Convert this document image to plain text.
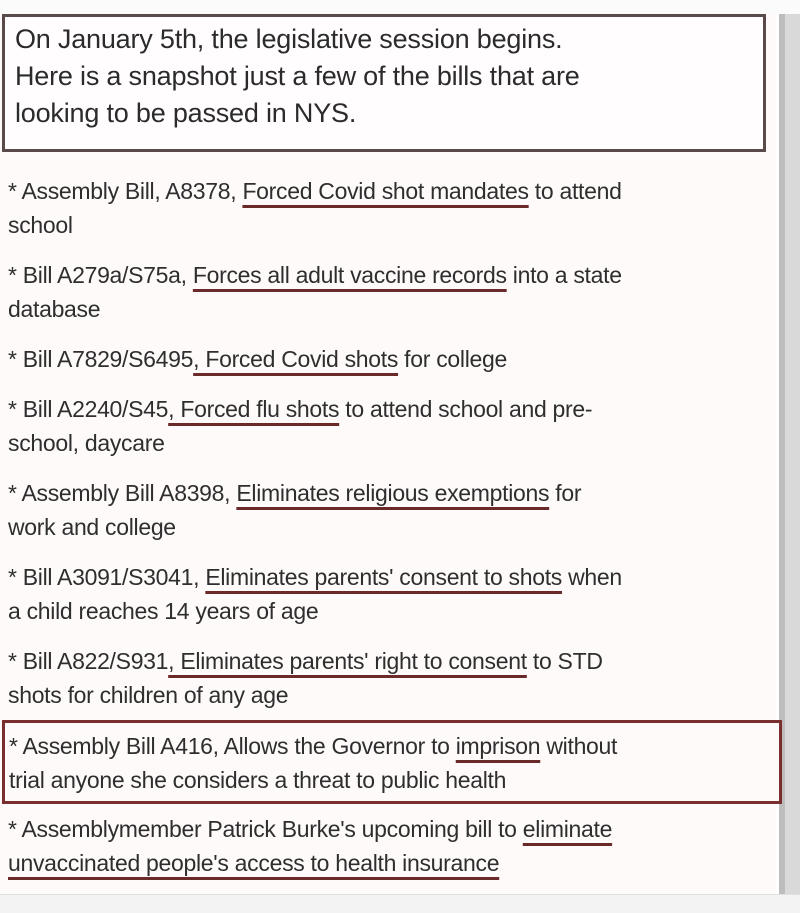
On January 5th, the legislative session begins.
Here is a snapshot just a few of the bills that are
looking to be passed in NYS.
* Assembly Bill, A8378, Forced Covid shot mandates to attend
school
* Bill A279a/S75a, Forces all adult vaccine records into a state
database
* Bill A7829/S6495, Forced Covid shots for college
* Bill A2240/S45, Forced flu shots to attend school and pre-
school, daycare
* Assembly Bill A8398, Eliminates religious exemptions for
work and college
* Bill A3091/S3041, Eliminates parents' consent to shots when
a child reaches 14 years of age
* Bill A822/S931, Eliminates parents' right to consent to STD
shots for children of any age
* Assembly Bill A416, Allows the Governor to imprison without
trial anyone she considers a threat to public health
* Assemblymember Patrick Burke's upcoming bill to eliminate
unvaccinated people's access to health insurance
